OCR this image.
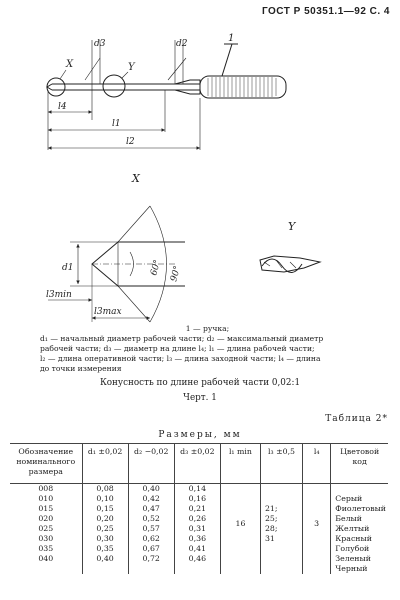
ГОСТ Р 50351.1—92 С. 4
1
d3	d2
X	Y
l4
l1
l2
X
d1	60° 90°
l3min
l3max
Y
1 — ручка;
d₁ — начальный диаметр рабочей части; d₂ — максимальный диаметр
рабочей части; d₃ — диаметр на длине l₄; l₁ — длина рабочей части;
l₂ — длина оперативной части; l₃ — длина заходной части; l₄ — длина
до точки измерения
Конусность по длине рабочей части 0,02:1
Черт. 1
Таблица 2*
Размеры, мм
Обозначение номинального размера	d₁ ±0,02	d₂ −0,02	d₃ ±0,02	l₁ min	l₃ ±0,5	l₄	Цветовой код
008	0,08	0,40	0,14	16		3	
010	0,10	0,42	0,16				Серый
015	0,15	0,47	0,21		21;		Фиолетовый
020	0,20	0,52	0,26		25;		Белый
025	0,25	0,57	0,31		28;		Желтый
030	0,30	0,62	0,36		31		Красный
035	0,35	0,67	0,41				Голубой
040	0,40	0,72	0,46				Зеленый
							Черный
